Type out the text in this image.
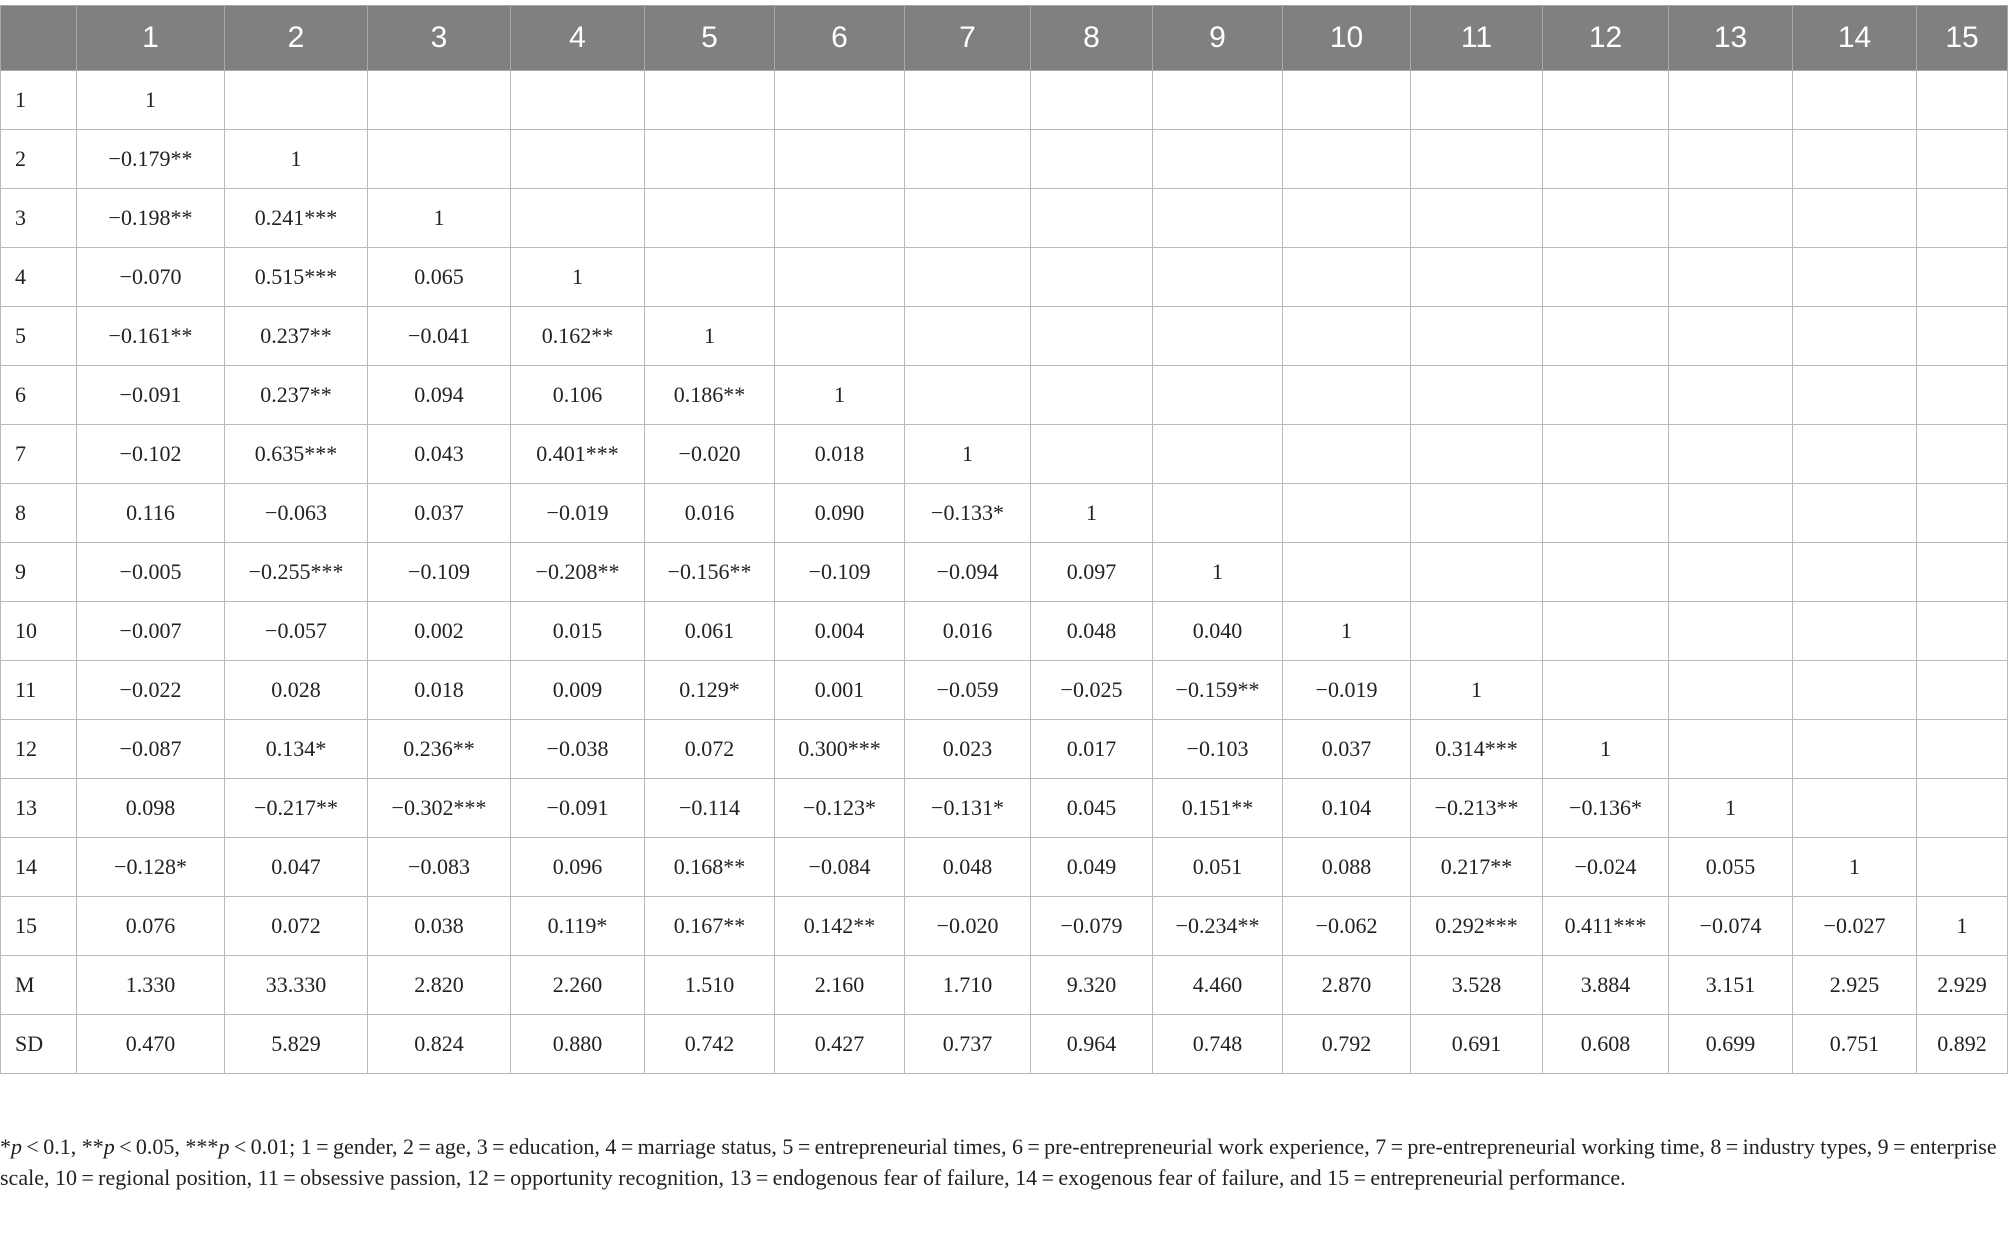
	1	2	3	4	5	6	7	8	9	10	11	12	13	14	15
1	1														
2	−0.179**	1													
3	−0.198**	0.241***	1												
4	−0.070	0.515***	0.065	1											
5	−0.161**	0.237**	−0.041	0.162**	1										
6	−0.091	0.237**	0.094	0.106	0.186**	1									
7	−0.102	0.635***	0.043	0.401***	−0.020	0.018	1								
8	0.116	−0.063	0.037	−0.019	0.016	0.090	−0.133*	1							
9	−0.005	−0.255***	−0.109	−0.208**	−0.156**	−0.109	−0.094	0.097	1						
10	−0.007	−0.057	0.002	0.015	0.061	0.004	0.016	0.048	0.040	1					
11	−0.022	0.028	0.018	0.009	0.129*	0.001	−0.059	−0.025	−0.159**	−0.019	1				
12	−0.087	0.134*	0.236**	−0.038	0.072	0.300***	0.023	0.017	−0.103	0.037	0.314***	1			
13	0.098	−0.217**	−0.302***	−0.091	−0.114	−0.123*	−0.131*	0.045	0.151**	0.104	−0.213**	−0.136*	1		
14	−0.128*	0.047	−0.083	0.096	0.168**	−0.084	0.048	0.049	0.051	0.088	0.217**	−0.024	0.055	1	
15	0.076	0.072	0.038	0.119*	0.167**	0.142**	−0.020	−0.079	−0.234**	−0.062	0.292***	0.411***	−0.074	−0.027	1
M	1.330	33.330	2.820	2.260	1.510	2.160	1.710	9.320	4.460	2.870	3.528	3.884	3.151	2.925	2.929
SD	0.470	5.829	0.824	0.880	0.742	0.427	0.737	0.964	0.748	0.792	0.691	0.608	0.699	0.751	0.892
*p < 0.1, **p < 0.05, ***p < 0.01; 1 = gender, 2 = age, 3 = education, 4 = marriage status, 5 = entrepreneurial times, 6 = pre-entrepreneurial work experience, 7 = pre-entrepreneurial working time, 8 = industry types, 9 = enterprise scale, 10 = regional position, 11 = obsessive passion, 12 = opportunity recognition, 13 = endogenous fear of failure, 14 = exogenous fear of failure, and 15 = entrepreneurial performance.
